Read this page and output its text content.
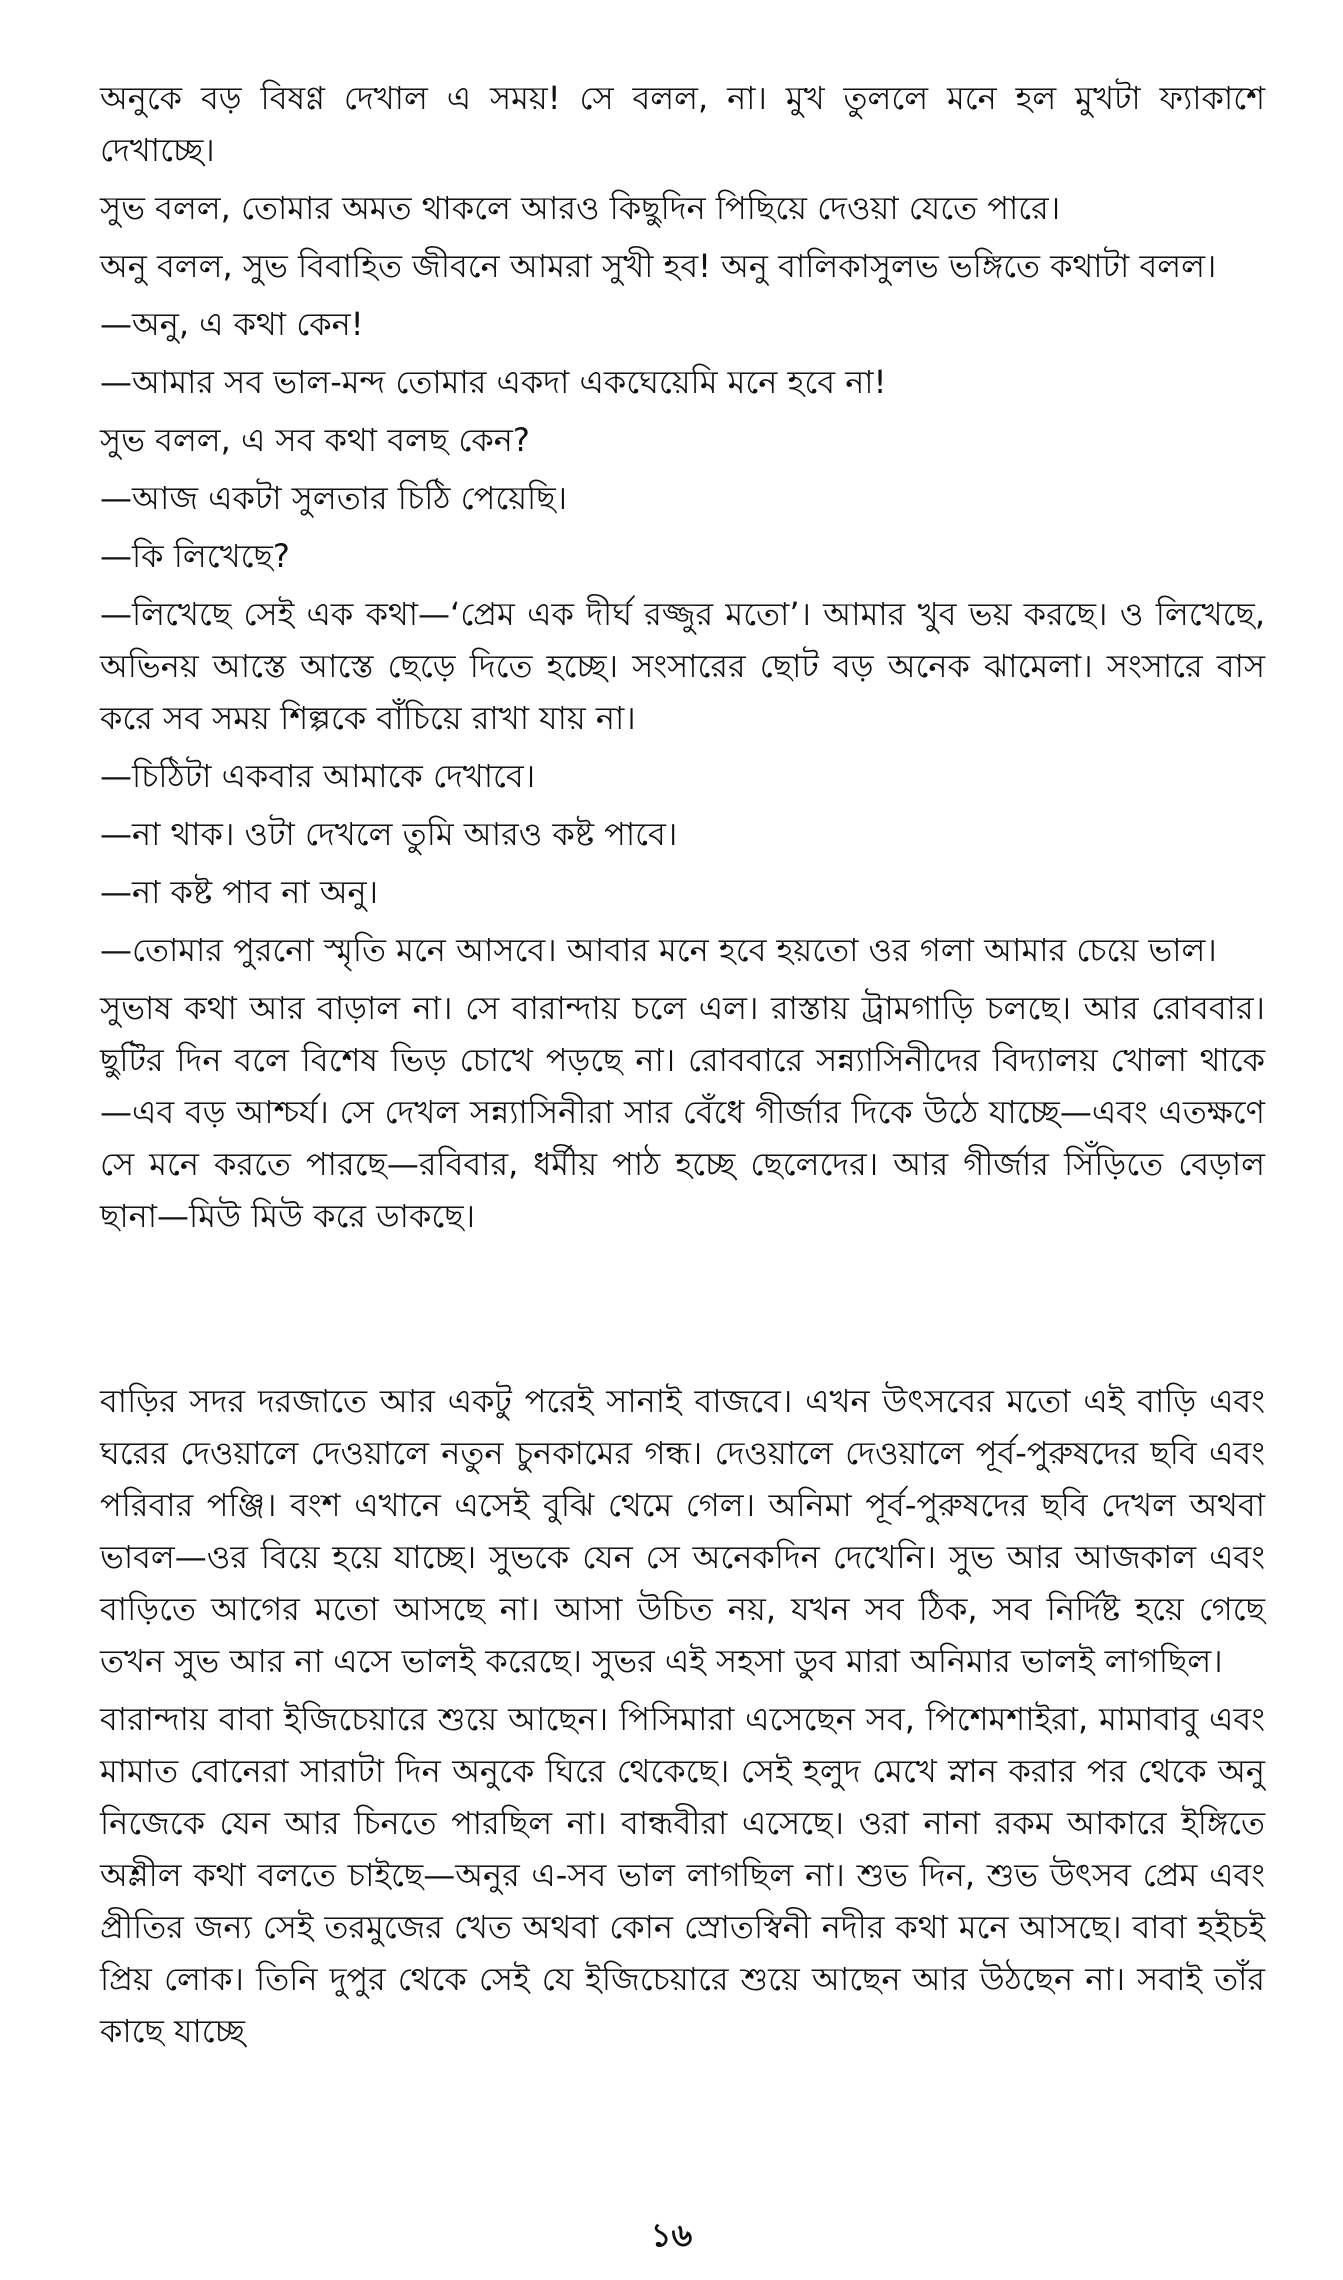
অনুকে বড় বিষণ্ণ দেখাল এ সময়! সে বলল, না। মুখ তুললে মনে হল মুখটা ফ্যাকাশে দেখাচ্ছে।

সুভ বলল, তোমার অমত থাকলে আরও কিছুদিন পিছিয়ে দেওয়া যেতে পারে।

অনু বলল, সুভ বিবাহিত জীবনে আমরা সুখী হব! অনু বালিকাসুলভ ভঙ্গিতে কথাটা বলল।

—অনু, এ কথা কেন!

—আমার সব ভাল-মন্দ তোমার একদা একঘেয়েমি মনে হবে না!

সুভ বলল, এ সব কথা বলছ কেন?

—আজ একটা সুলতার চিঠি পেয়েছি।

—কি লিখেছে?

—লিখেছে সেই এক কথা—‘প্রেম এক দীর্ঘ রজ্জুর মতো’। আমার খুব ভয় করছে। ও লিখেছে, অভিনয় আস্তে আস্তে ছেড়ে দিতে হচ্ছে। সংসারের ছোট বড় অনেক ঝামেলা। সংসারে বাস করে সব সময় শিল্পকে বাঁচিয়ে রাখা যায় না।

—চিঠিটা একবার আমাকে দেখাবে।

—না থাক। ওটা দেখলে তুমি আরও কষ্ট পাবে।

—না কষ্ট পাব না অনু।

—তোমার পুরনো স্মৃতি মনে আসবে। আবার মনে হবে হয়তো ওর গলা আমার চেয়ে ভাল।

সুভাষ কথা আর বাড়াল না। সে বারান্দায় চলে এল। রাস্তায় ট্রামগাড়ি চলছে। আর রোববার। ছুটির দিন বলে বিশেষ ভিড় চোখে পড়ছে না। রোববারে সন্ন্যাসিনীদের বিদ্যালয় খোলা থাকে—এব বড় আশ্চর্য। সে দেখল সন্ন্যাসিনীরা সার বেঁধে গীর্জার দিকে উঠে যাচ্ছে—এবং এতক্ষণে সে মনে করতে পারছে—রবিবার, ধর্মীয় পাঠ হচ্ছে ছেলেদের। আর গীর্জার সিঁড়িতে বেড়াল ছানা—মিউ মিউ করে ডাকছে।

বাড়ির সদর দরজাতে আর একটু পরেই সানাই বাজবে। এখন উৎসবের মতো এই বাড়ি এবং ঘরের দেওয়ালে দেওয়ালে নতুন চুনকামের গন্ধ। দেওয়ালে দেওয়ালে পূর্ব-পুরুষদের ছবি এবং পরিবার পঞ্জি। বংশ এখানে এসেই বুঝি থেমে গেল। অনিমা পূর্ব-পুরুষদের ছবি দেখল অথবা ভাবল—ওর বিয়ে হয়ে যাচ্ছে। সুভকে যেন সে অনেকদিন দেখেনি। সুভ আর আজকাল এবং বাড়িতে আগের মতো আসছে না। আসা উচিত নয়, যখন সব ঠিক, সব নির্দিষ্ট হয়ে গেছে তখন সুভ আর না এসে ভালই করেছে। সুভর এই সহসা ডুব মারা অনিমার ভালই লাগছিল।

বারান্দায় বাবা ইজিচেয়ারে শুয়ে আছেন। পিসিমারা এসেছেন সব, পিশেমশাইরা, মামাবাবু এবং মামাত বোনেরা সারাটা দিন অনুকে ঘিরে থেকেছে। সেই হলুদ মেখে স্নান করার পর থেকে অনু নিজেকে যেন আর চিনতে পারছিল না। বান্ধবীরা এসেছে। ওরা নানা রকম আকারে ইঙ্গিতে অশ্লীল কথা বলতে চাইছে—অনুর এ-সব ভাল লাগছিল না। শুভ দিন, শুভ উৎসব প্রেম এবং প্রীতির জন্য সেই তরমুজের খেত অথবা কোন স্রোতস্বিনী নদীর কথা মনে আসছে। বাবা হইচই প্রিয় লোক। তিনি দুপুর থেকে সেই যে ইজিচেয়ারে শুয়ে আছেন আর উঠছেন না। সবাই তাঁর কাছে যাচ্ছে

১৬
